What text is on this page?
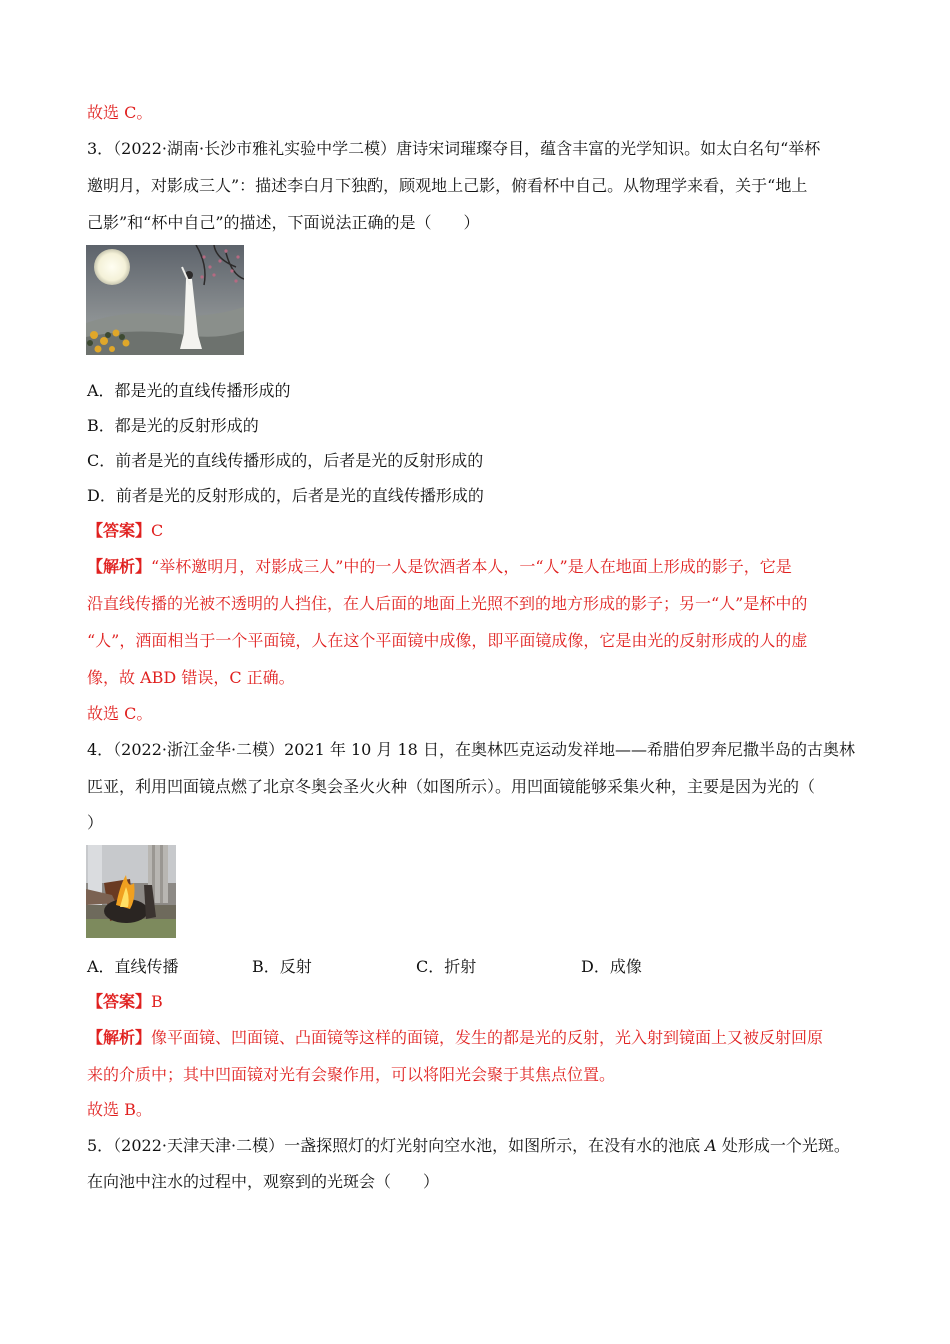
故选 C。
3．（2022·湖南·长沙市雅礼实验中学二模）唐诗宋词璀璨夺目，蕴含丰富的光学知识。如太白名句“举杯
邀明月，对影成三人”：描述李白月下独酌，顾观地上己影，俯看杯中自己。从物理学来看，关于“地上
己影”和“杯中自己”的描述，下面说法正确的是（　　）
A．都是光的直线传播形成的
B．都是光的反射形成的
C．前者是光的直线传播形成的，后者是光的反射形成的
D．前者是光的反射形成的，后者是光的直线传播形成的
【答案】C
【解析】“举杯邀明月，对影成三人”中的一人是饮酒者本人，一“人”是人在地面上形成的影子，它是
沿直线传播的光被不透明的人挡住，在人后面的地面上光照不到的地方形成的影子；另一“人”是杯中的
“人”，酒面相当于一个平面镜，人在这个平面镜中成像，即平面镜成像，它是由光的反射形成的人的虚
像，故 ABD 错误，C 正确。
故选 C。
4．（2022·浙江金华·二模）2021 年 10 月 18 日，在奥林匹克运动发祥地——希腊伯罗奔尼撒半岛的古奥林
匹亚，利用凹面镜点燃了北京冬奥会圣火火种（如图所示）。用凹面镜能够采集火种，主要是因为光的（
）
A．直线传播	B．反射	C．折射	D．成像
【答案】B
【解析】像平面镜、凹面镜、凸面镜等这样的面镜，发生的都是光的反射，光入射到镜面上又被反射回原
来的介质中；其中凹面镜对光有会聚作用，可以将阳光会聚于其焦点位置。
故选 B。
5．（2022·天津天津·二模）一盏探照灯的灯光射向空水池，如图所示，在没有水的池底 A 处形成一个光斑。
在向池中注水的过程中，观察到的光斑会（　　）
